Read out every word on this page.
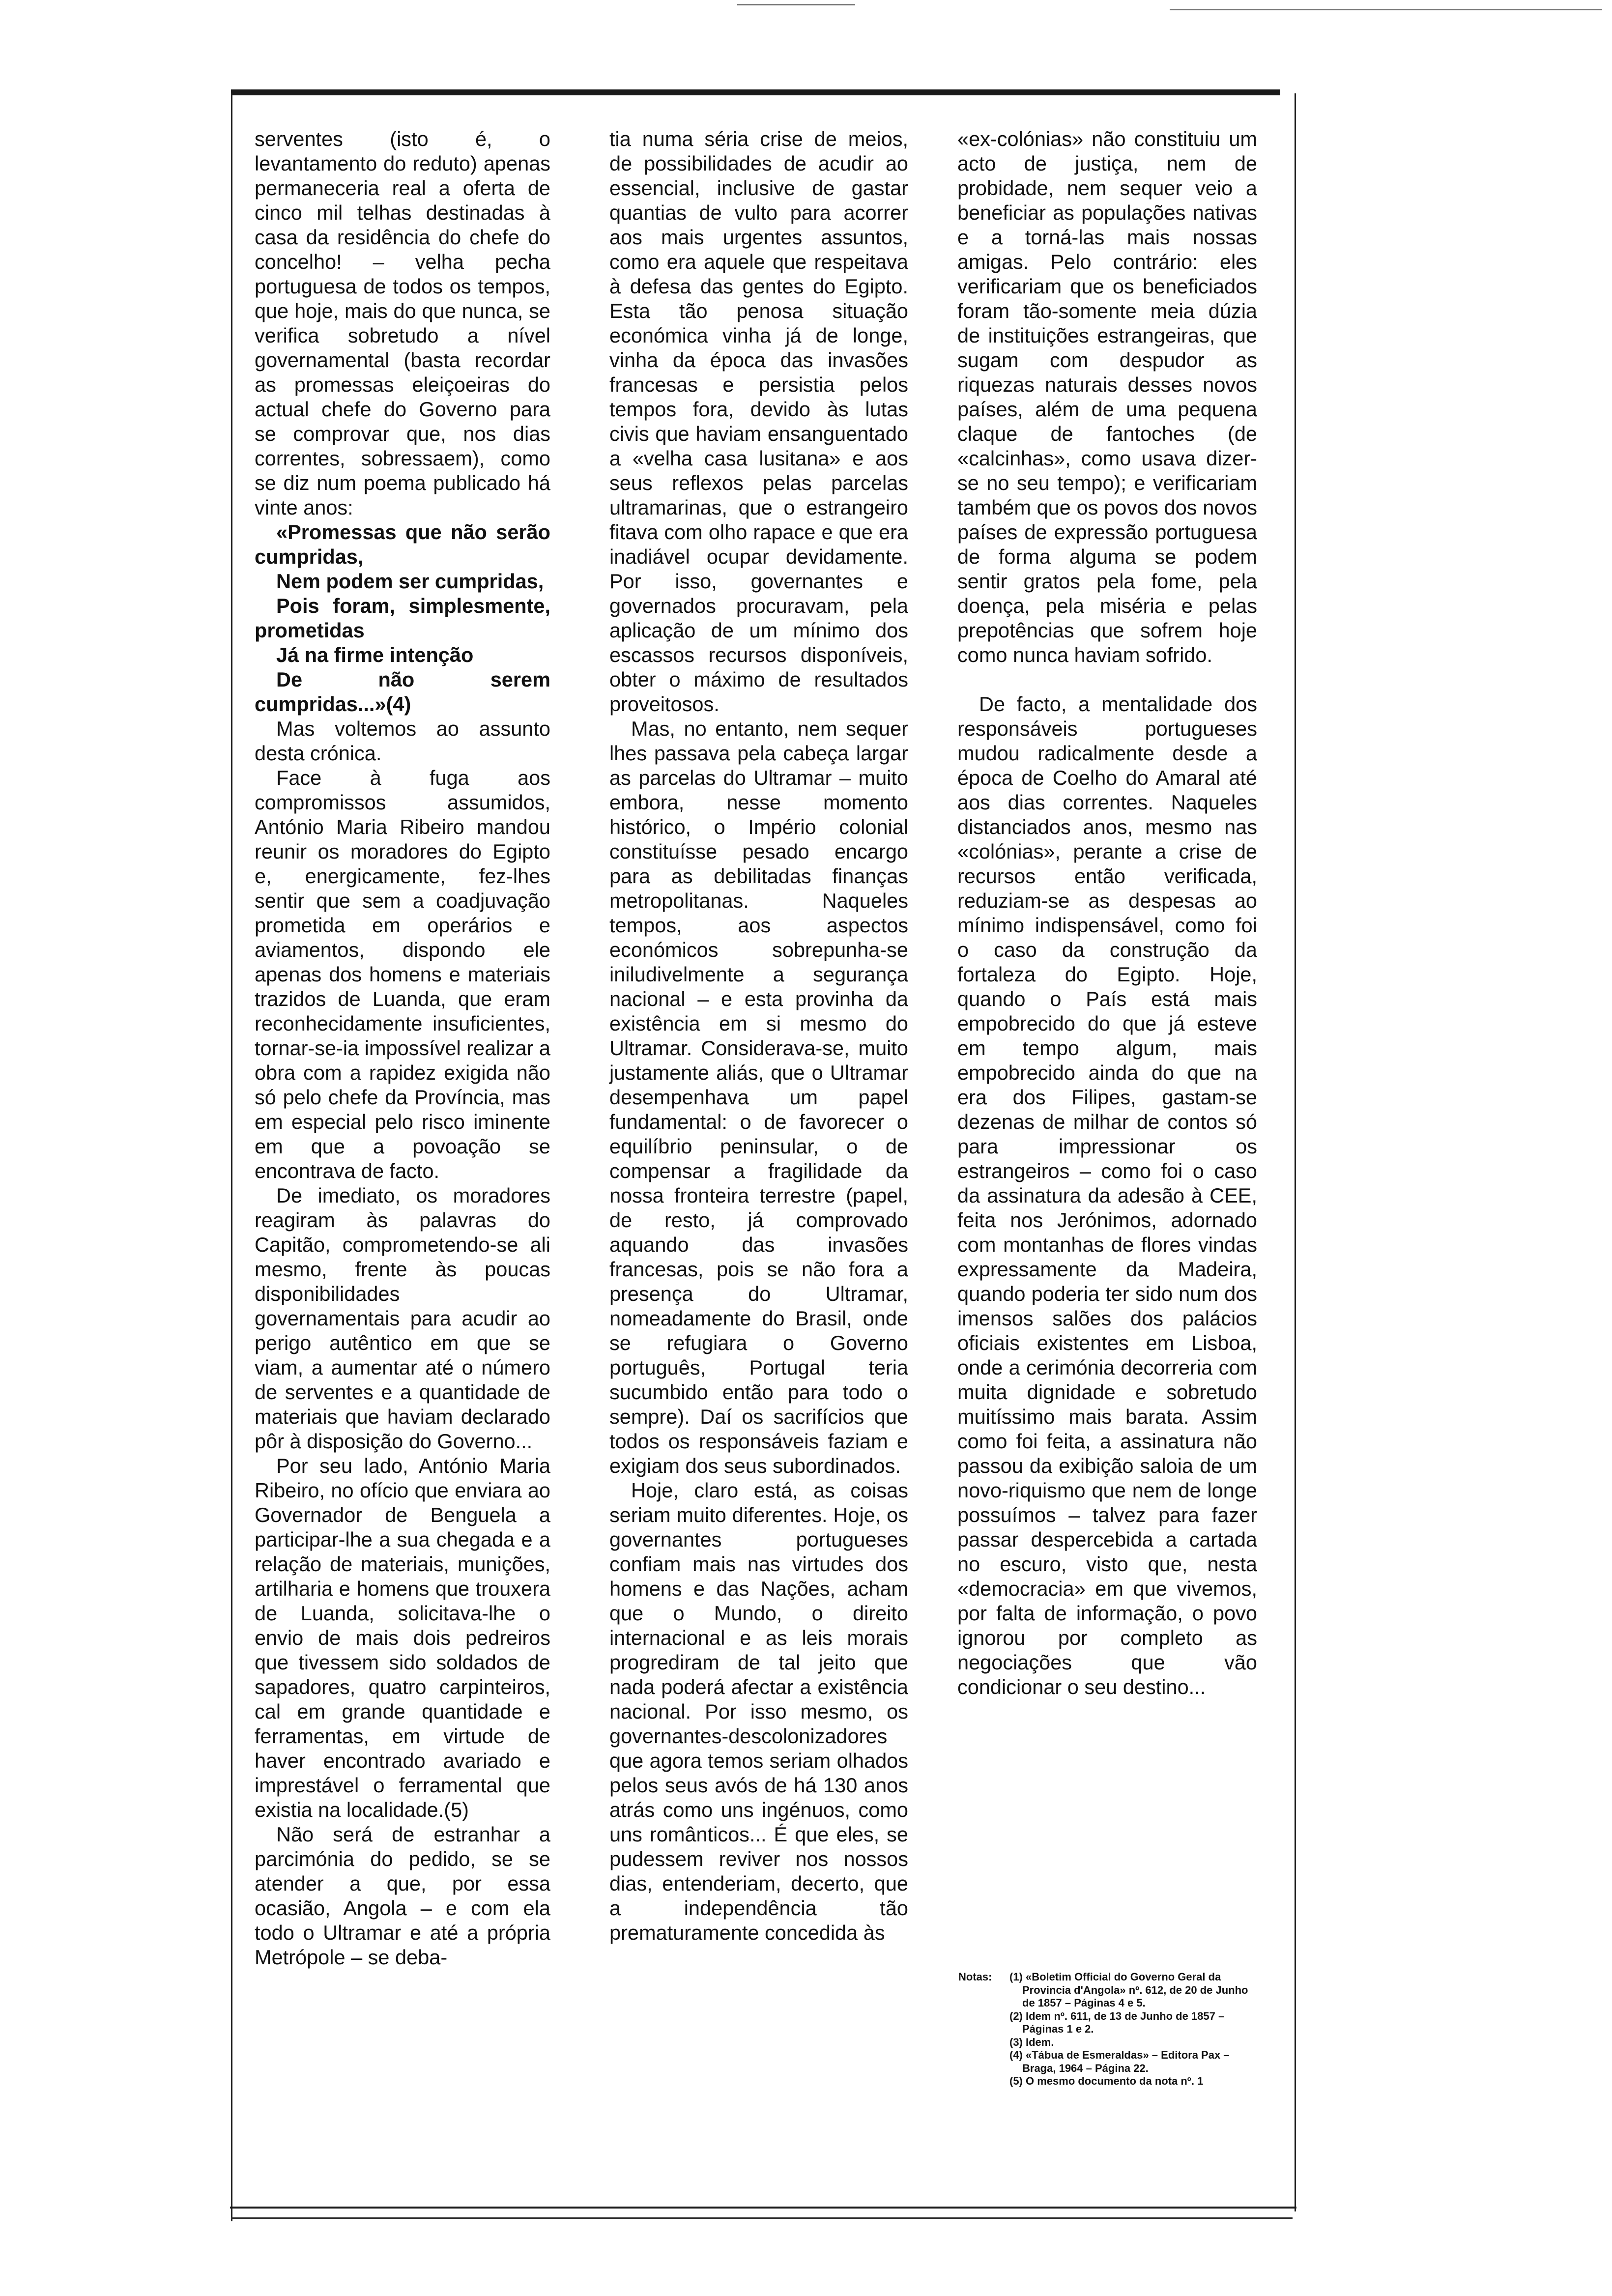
serventes (isto é, o levantamento do reduto) apenas permaneceria real a oferta de cinco mil telhas destinadas à casa da residência do chefe do concelho! – velha pecha portuguesa de todos os tempos, que hoje, mais do que nunca, se verifica sobretudo a nível governamental (basta recordar as promessas eleiçoeiras do actual chefe do Governo para se comprovar que, nos dias correntes, sobressaem), como se diz num poema publicado há vinte anos:

«Promessas que não serão cumpridas,
Nem podem ser cumpridas,
Pois foram, simplesmente, prometidas
Já na firme intenção
De não serem cumpridas...»(4)

Mas voltemos ao assunto desta crónica.

Face à fuga aos compromissos assumidos, António Maria Ribeiro mandou reunir os moradores do Egipto e, energicamente, fez-lhes sentir que sem a coadjuvação prometida em operários e aviamentos, dispondo ele apenas dos homens e materiais trazidos de Luanda, que eram reconhecidamente insuficientes, tornar-se-ia impossível realizar a obra com a rapidez exigida não só pelo chefe da Província, mas em especial pelo risco iminente em que a povoação se encontrava de facto.

De imediato, os moradores reagiram às palavras do Capitão, comprometendo-se ali mesmo, frente às poucas disponibilidades governamentais para acudir ao perigo autêntico em que se viam, a aumentar até o número de serventes e a quantidade de materiais que haviam declarado pôr à disposição do Governo...

Por seu lado, António Maria Ribeiro, no ofício que enviara ao Governador de Benguela a participar-lhe a sua chegada e a relação de materiais, munições, artilharia e homens que trouxera de Luanda, solicitava-lhe o envio de mais dois pedreiros que tivessem sido soldados de sapadores, quatro carpinteiros, cal em grande quantidade e ferramentas, em virtude de haver encontrado avariado e imprestável o ferramental que existia na localidade.(5)

Não será de estranhar a parcimónia do pedido, se se atender a que, por essa ocasião, Angola – e com ela todo o Ultramar e até a própria Metrópole – se deba-

tia numa séria crise de meios, de possibilidades de acudir ao essencial, inclusive de gastar quantias de vulto para acorrer aos mais urgentes assuntos, como era aquele que respeitava à defesa das gentes do Egipto. Esta tão penosa situação económica vinha já de longe, vinha da época das invasões francesas e persistia pelos tempos fora, devido às lutas civis que haviam ensanguentado a «velha casa lusitana» e aos seus reflexos pelas parcelas ultramarinas, que o estrangeiro fitava com olho rapace e que era inadiável ocupar devidamente. Por isso, governantes e governados procuravam, pela aplicação de um mínimo dos escassos recursos disponíveis, obter o máximo de resultados proveitosos.

Mas, no entanto, nem sequer lhes passava pela cabeça largar as parcelas do Ultramar – muito embora, nesse momento histórico, o Império colonial constituísse pesado encargo para as debilitadas finanças metropolitanas. Naqueles tempos, aos aspectos económicos sobrepunha-se iniludivelmente a segurança nacional – e esta provinha da existência em si mesmo do Ultramar. Considerava-se, muito justamente aliás, que o Ultramar desempenhava um papel fundamental: o de favorecer o equilíbrio peninsular, o de compensar a fragilidade da nossa fronteira terrestre (papel, de resto, já comprovado aquando das invasões francesas, pois se não fora a presença do Ultramar, nomeadamente do Brasil, onde se refugiara o Governo português, Portugal teria sucumbido então para todo o sempre). Daí os sacrifícios que todos os responsáveis faziam e exigiam dos seus subordinados.

Hoje, claro está, as coisas seriam muito diferentes. Hoje, os governantes portugueses confiam mais nas virtudes dos homens e das Nações, acham que o Mundo, o direito internacional e as leis morais progrediram de tal jeito que nada poderá afectar a existência nacional. Por isso mesmo, os governantes-descolonizadores que agora temos seriam olhados pelos seus avós de há 130 anos atrás como uns ingénuos, como uns românticos... É que eles, se pudessem reviver nos nossos dias, entenderiam, decerto, que a independência tão prematuramente concedida às

«ex-colónias» não constituiu um acto de justiça, nem de probidade, nem sequer veio a beneficiar as populações nativas e a torná-las mais nossas amigas. Pelo contrário: eles verificariam que os beneficiados foram tão-somente meia dúzia de instituições estrangeiras, que sugam com despudor as riquezas naturais desses novos países, além de uma pequena claque de fantoches (de «calcinhas», como usava dizer-se no seu tempo); e verificariam também que os povos dos novos países de expressão portuguesa de forma alguma se podem sentir gratos pela fome, pela doença, pela miséria e pelas prepotências que sofrem hoje como nunca haviam sofrido.

De facto, a mentalidade dos responsáveis portugueses mudou radicalmente desde a época de Coelho do Amaral até aos dias correntes. Naqueles distanciados anos, mesmo nas «colónias», perante a crise de recursos então verificada, reduziam-se as despesas ao mínimo indispensável, como foi o caso da construção da fortaleza do Egipto. Hoje, quando o País está mais empobrecido do que já esteve em tempo algum, mais empobrecido ainda do que na era dos Filipes, gastam-se dezenas de milhar de contos só para impressionar os estrangeiros – como foi o caso da assinatura da adesão à CEE, feita nos Jerónimos, adornado com montanhas de flores vindas expressamente da Madeira, quando poderia ter sido num dos imensos salões dos palácios oficiais existentes em Lisboa, onde a cerimónia decorreria com muita dignidade e sobretudo muitíssimo mais barata. Assim como foi feita, a assinatura não passou da exibição saloia de um novo-riquismo que nem de longe possuímos – talvez para fazer passar despercebida a cartada no escuro, visto que, nesta «democracia» em que vivemos, por falta de informação, o povo ignorou por completo as negociações que vão condicionar o seu destino...

Notas:	(1) «Boletim Official do Governo Geral da Provincia d'Angola» nº. 612, de 20 de Junho de 1857 – Páginas 4 e 5.
(2) Idem nº. 611, de 13 de Junho de 1857 – Páginas 1 e 2.
(3) Idem.
(4) «Tábua de Esmeraldas» – Editora Pax – Braga, 1964 – Página 22.
(5) O mesmo documento da nota nº. 1
